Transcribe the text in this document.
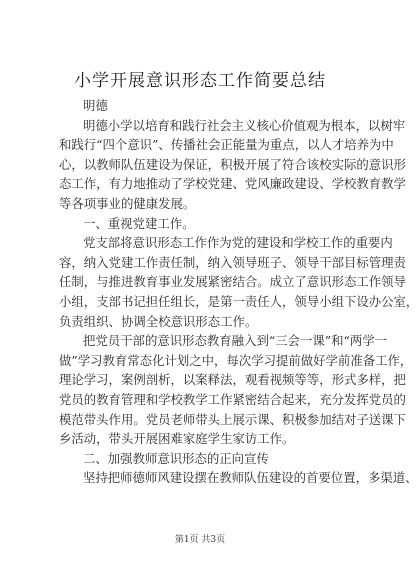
小学开展意识形态工作简要总结
明德
明德小学以培育和践行社会主义核心价值观为根本，以树牢
和践行“四个意识”、传播社会正能量为重点，以人才培养为中
心，以教师队伍建设为保证，积极开展了符合该校实际的意识形
态工作，有力地推动了学校党建、党风廉政建设、学校教育教学
等各项事业的健康发展。
一、重视党建工作。
党支部将意识形态工作作为党的建设和学校工作的重要内
容，纳入党建工作责任制，纳入领导班子、领导干部目标管理责
任制，与推进教育事业发展紧密结合。成立了意识形态工作领导
小组，支部书记担任组长，是第一责任人，领导小组下设办公室，
负责组织、协调全校意识形态工作。
把党员干部的意识形态教育融入到“三会一课”和“两学一
做”学习教育常态化计划之中，每次学习提前做好学前准备工作，
理论学习，案例剖析，以案释法，观看视频等等，形式多样，把
党员的教育管理和学校教学工作紧密结合起来，充分发挥党员的
模范带头作用。党员老师带头上展示课、积极参加结对子送课下
乡活动，带头开展困难家庭学生家访工作。
二、加强教师意识形态的正向宣传
坚持把师德师风建设摆在教师队伍建设的首要位置，多渠道、
第1页 共3页
